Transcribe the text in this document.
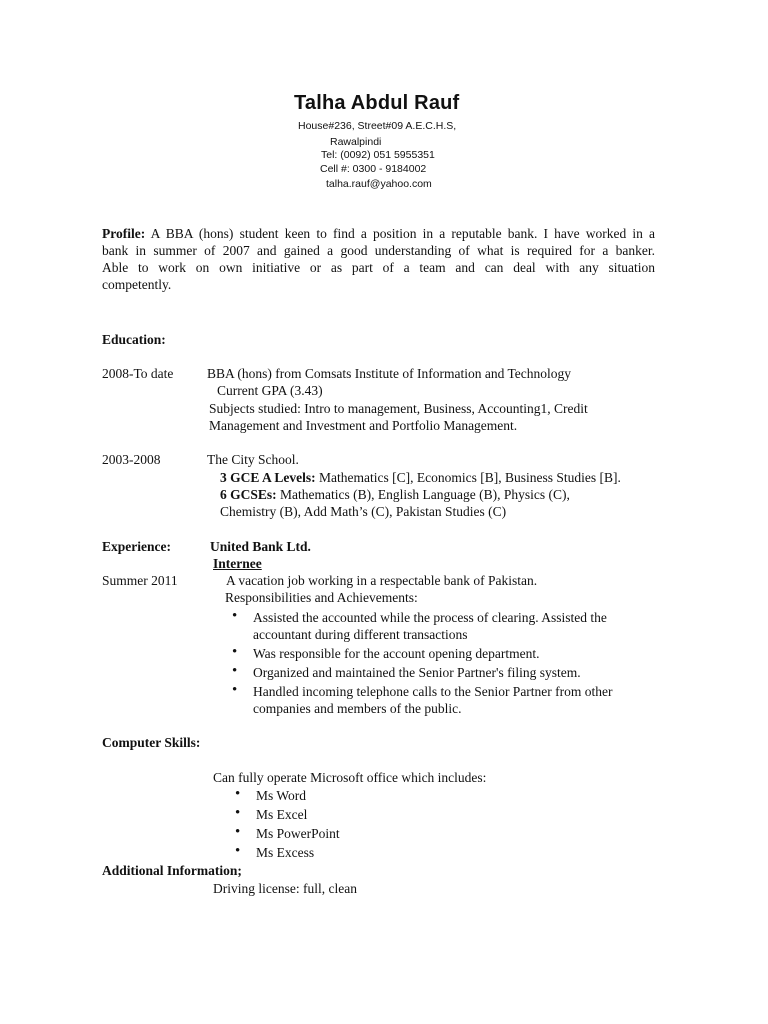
Talha Abdul Rauf
House#236, Street#09 A.E.C.H.S,
Rawalpindi
Tel: (0092) 051 5955351
Cell #: 0300 - 9184002
talha.rauf@yahoo.com
Profile: A BBA (hons) student keen to find a position in a reputable bank. I have worked in a
bank in summer of 2007 and gained a good understanding of what is required for a banker.
Able to work on own initiative or as part of a team and can deal with any situation
competently.
Education:
2008-To date BBA (hons) from Comsats Institute of Information and Technology
Current GPA (3.43)
Subjects studied: Intro to management, Business, Accounting1, Credit
Management and Investment and Portfolio Management.
2003-2008	The City School.
3 GCE A Levels: Mathematics [C], Economics [B], Business Studies [B].
6 GCSEs: Mathematics (B), English Language (B), Physics (C),
Chemistry (B), Add Math’s (C), Pakistan Studies (C)
Experience:	United Bank Ltd.
Internee
Summer 2011	A vacation job working in a respectable bank of Pakistan.
Responsibilities and Achievements:
Assisted the accounted while the process of clearing. Assisted the
accountant during different transactions
Was responsible for the account opening department.
Organized and maintained the Senior Partner's filing system.
Handled incoming telephone calls to the Senior Partner from other
companies and members of the public.
Computer Skills:
Can fully operate Microsoft office which includes:
Ms Word
Ms Excel
Ms PowerPoint
Ms Excess
Additional Information;
Driving license: full, clean
